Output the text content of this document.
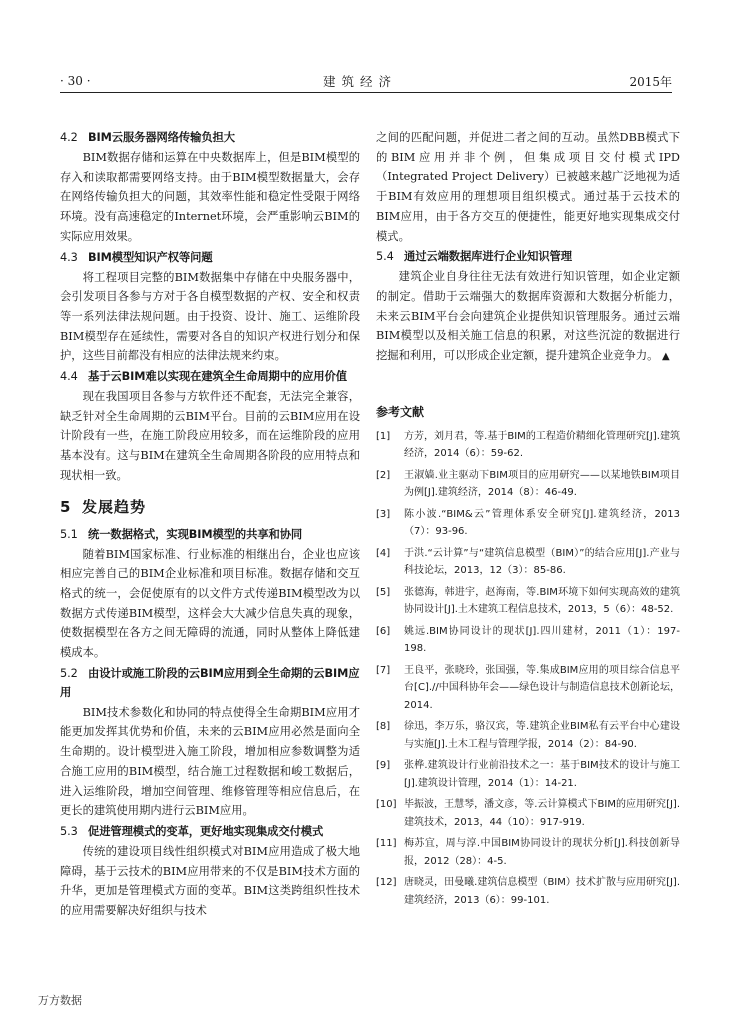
· 30 ·	建筑经济	2015年
4.2 BIM云服务器网络传输负担大

BIM数据存储和运算在中央数据库上，但是BIM模型的存入和读取都需要网络支持。由于BIM模型数据量大，会存在网络传输负担大的问题，其效率性能和稳定性受限于网络环境。没有高速稳定的Internet环境，会严重影响云BIM的实际应用效果。

4.3 BIM模型知识产权等问题

将工程项目完整的BIM数据集中存储在中央服务器中，会引发项目各参与方对于各自模型数据的产权、安全和权责等一系列法律法规问题。由于投资、设计、施工、运维阶段BIM模型存在延续性，需要对各自的知识产权进行划分和保护，这些目前都没有相应的法律法规来约束。

4.4 基于云BIM难以实现在建筑全生命周期中的应用价值

现在我国项目各参与方软件还不配套，无法完全兼容，缺乏针对全生命周期的云BIM平台。目前的云BIM应用在设计阶段有一些，在施工阶段应用较多，而在运维阶段的应用基本没有。这与BIM在建筑全生命周期各阶段的应用特点和现状相一致。

5 发展趋势
5.1 统一数据格式，实现BIM模型的共享和协同

随着BIM国家标准、行业标准的相继出台，企业也应该相应完善自己的BIM企业标准和项目标准。数据存储和交互格式的统一，会促使原有的以文件方式传递BIM模型改为以数据方式传递BIM模型，这样会大大减少信息失真的现象，使数据模型在各方之间无障碍的流通，同时从整体上降低建模成本。

5.2 由设计或施工阶段的云BIM应用到全生命期的云BIM应用

BIM技术参数化和协同的特点使得全生命期BIM应用才能更加发挥其优势和价值，未来的云BIM应用必然是面向全生命期的。设计模型进入施工阶段，增加相应参数调整为适合施工应用的BIM模型，结合施工过程数据和峻工数据后，进入运维阶段，增加空间管理、维修管理等相应信息后，在更长的建筑使用期内进行云BIM应用。

5.3 促进管理模式的变革，更好地实现集成交付模式

传统的建设项目线性组织模式对BIM应用造成了极大地障碍，基于云技术的BIM应用带来的不仅是BIM技术方面的升华，更加是管理模式方面的变革。BIM这类跨组织性技术的应用需要解决好组织与技术

之间的匹配问题，并促进二者之间的互动。虽然DBB模式下的BIM应用并非个例，但集成项目交付模式IPD（Integrated Project Delivery）已被越来越广泛地视为适于BIM有效应用的理想项目组织模式。通过基于云技术的BIM应用，由于各方交互的便捷性，能更好地实现集成交付模式。

5.4 通过云端数据库进行企业知识管理

建筑企业自身往往无法有效进行知识管理，如企业定额的制定。借助于云端强大的数据库资源和大数据分析能力，未来云BIM平台会向建筑企业提供知识管理服务。通过云端BIM模型以及相关施工信息的积累，对这些沉淀的数据进行挖掘和利用，可以形成企业定额，提升建筑企业竞争力。 ▲

参考文献
[1]	方芳，刘月君，等.基于BIM的工程造价精细化管理研究[J].建筑经济，2014（6）：59-62.
[2]	王淑嫱.业主驱动下BIM项目的应用研究——以某地铁BIM项目为例[J].建筑经济，2014（8）：46-49.
[3]	陈小波.“BIM&云”管理体系安全研究[J].建筑经济，2013（7）：93-96.
[4]	于洪.“云计算”与“建筑信息模型（BIM）”的结合应用[J].产业与科技论坛，2013，12（3）：85-86.
[5]	张德海，韩进宇，赵海南，等.BIM环境下如何实现高效的建筑协同设计[J].土木建筑工程信息技术，2013，5（6）：48-52.
[6]	姚远.BIM协同设计的现状[J].四川建材，2011（1）：197-198.
[7]	王良平，张晓玲，张国强，等.集成BIM应用的项目综合信息平台[C].//中国科协年会——绿色设计与制造信息技术创新论坛，2014.
[8]	徐迅，李万乐，骆汉宾，等.建筑企业BIM私有云平台中心建设与实施[J].土木工程与管理学报，2014（2）：84-90.
[9]	张桦.建筑设计行业前沿技术之一：基于BIM技术的设计与施工[J].建筑设计管理，2014（1）：14-21.
[10] 毕振波，王慧琴，潘文彦，等.云计算模式下BIM的应用研究[J].建筑技术，2013，44（10）：917-919.
[11] 梅苏宜，周与淳.中国BIM协同设计的现状分析[J].科技创新导报，2012（28）：4-5.
[12] 唐晓灵，田曼曦.建筑信息模型（BIM）技术扩散与应用研究[J].建筑经济，2013（6）：99-101.
万方数据
